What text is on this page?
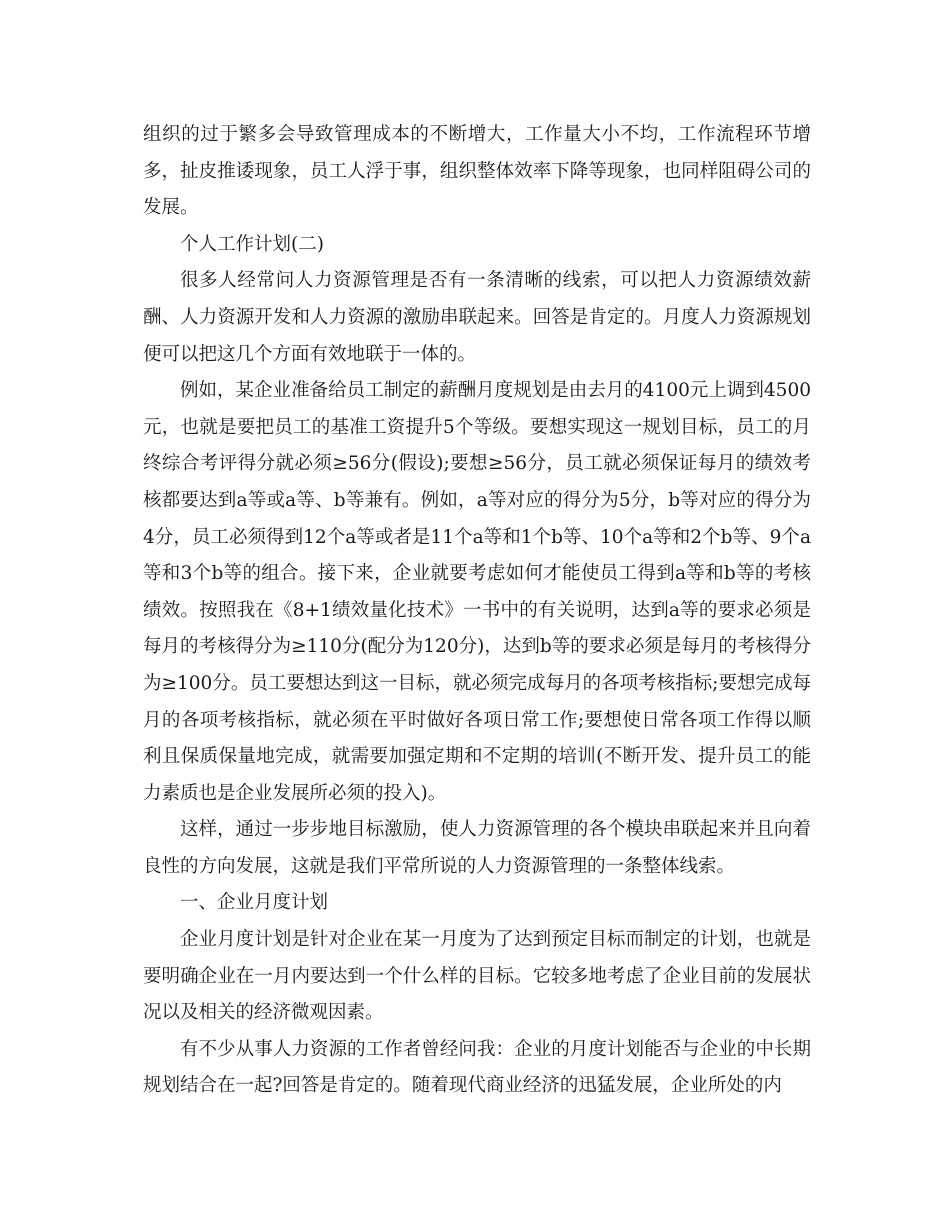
组织的过于繁多会导致管理成本的不断增大，工作量大小不均，工作流程环节增多，扯皮推诿现象，员工人浮于事，组织整体效率下降等现象，也同样阻碍公司的发展。

个人工作计划(二)

很多人经常问人力资源管理是否有一条清晰的线索，可以把人力资源绩效薪酬、人力资源开发和人力资源的激励串联起来。回答是肯定的。月度人力资源规划便可以把这几个方面有效地联于一体的。

例如，某企业准备给员工制定的薪酬月度规划是由去月的4100元上调到4500元，也就是要把员工的基准工资提升5个等级。要想实现这一规划目标，员工的月终综合考评得分就必须≥56分(假设);要想≥56分，员工就必须保证每月的绩效考核都要达到a等或a等、b等兼有。例如，a等对应的得分为5分，b等对应的得分为4分，员工必须得到12个a等或者是11个a等和1个b等、10个a等和2个b等、9个a等和3个b等的组合。接下来，企业就要考虑如何才能使员工得到a等和b等的考核绩效。按照我在《8+1绩效量化技术》一书中的有关说明，达到a等的要求必须是每月的考核得分为≥110分(配分为120分)，达到b等的要求必须是每月的考核得分为≥100分。员工要想达到这一目标，就必须完成每月的各项考核指标;要想完成每月的各项考核指标，就必须在平时做好各项日常工作;要想使日常各项工作得以顺利且保质保量地完成，就需要加强定期和不定期的培训(不断开发、提升员工的能力素质也是企业发展所必须的投入)。

这样，通过一步步地目标激励，使人力资源管理的各个模块串联起来并且向着良性的方向发展，这就是我们平常所说的人力资源管理的一条整体线索。

一、企业月度计划

企业月度计划是针对企业在某一月度为了达到预定目标而制定的计划，也就是要明确企业在一月内要达到一个什么样的目标。它较多地考虑了企业目前的发展状况以及相关的经济微观因素。

有不少从事人力资源的工作者曾经问我：企业的月度计划能否与企业的中长期规划结合在一起?回答是肯定的。随着现代商业经济的迅猛发展，企业所处的内
